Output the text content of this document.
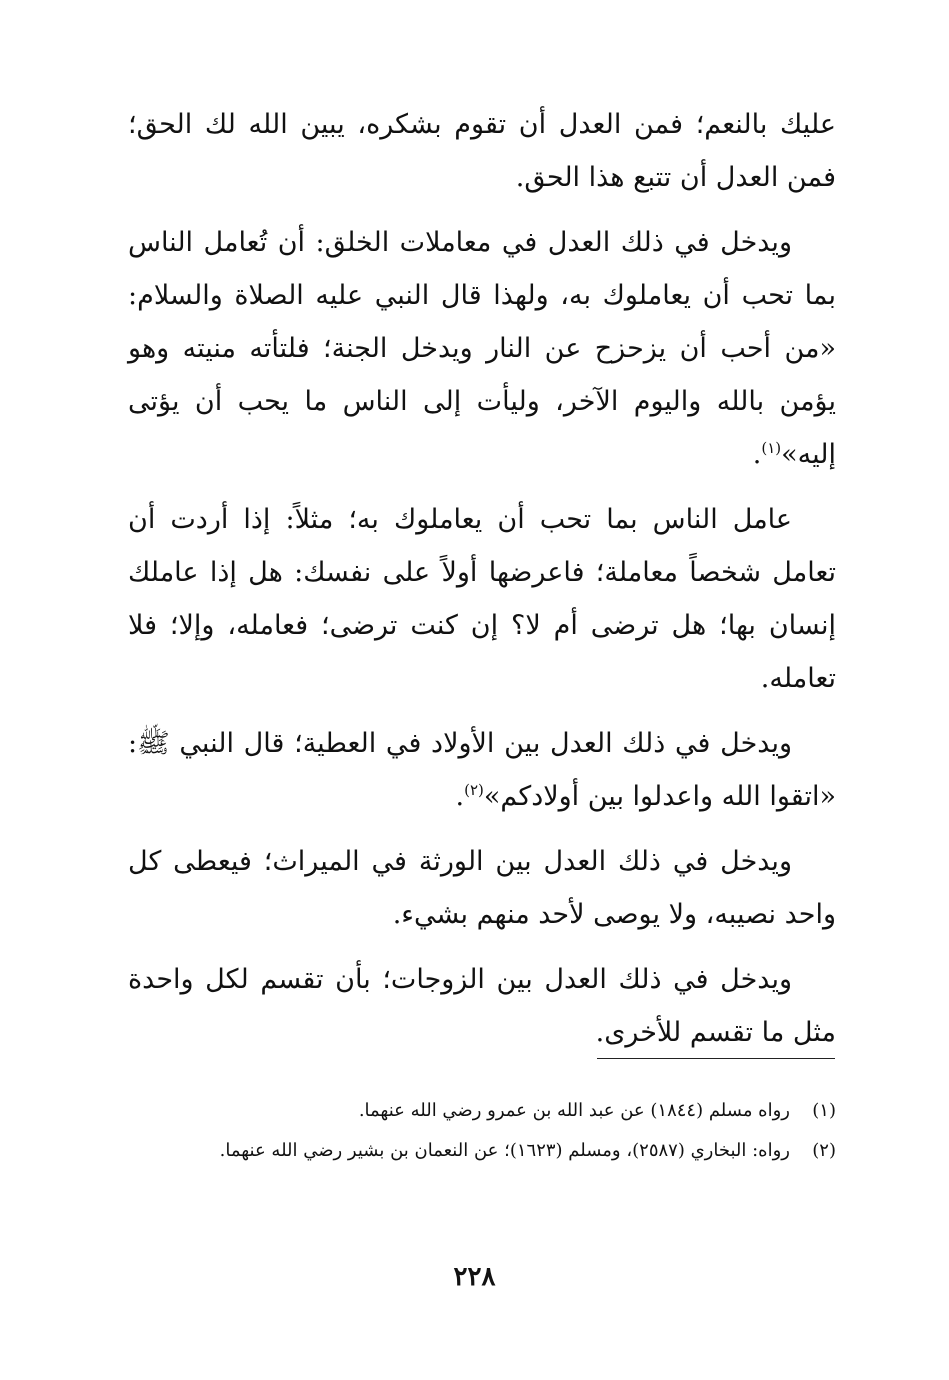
عليك بالنعم؛ فمن العدل أن تقوم بشكره، يبين الله لك الحق؛ فمن العدل أن تتبع هذا الحق.

ويدخل في ذلك العدل في معاملات الخلق: أن تُعامل الناس بما تحب أن يعاملوك به، ولهذا قال النبي عليه الصلاة والسلام: «من أحب أن يزحزح عن النار ويدخل الجنة؛ فلتأته منيته وهو يؤمن بالله واليوم الآخر، وليأت إلى الناس ما يحب أن يؤتى إليه»$^{(١)}$.

عامل الناس بما تحب أن يعاملوك به؛ مثلاً: إذا أردت أن تعامل شخصاً معاملة؛ فاعرضها أولاً على نفسك: هل إذا عاملك إنسان بها؛ هل ترضى أم لا؟ إن كنت ترضى؛ فعامله، وإلا؛ فلا تعامله.

ويدخل في ذلك العدل بين الأولاد في العطية؛ قال النبي ﷺ: «اتقوا الله واعدلوا بين أولادكم»$^{(٢)}$.

ويدخل في ذلك العدل بين الورثة في الميراث؛ فيعطى كل واحد نصيبه، ولا يوصى لأحد منهم بشيء.

ويدخل في ذلك العدل بين الزوجات؛ بأن تقسم لكل واحدة مثل ما تقسم للأخرى.

(١)
رواه مسلم (١٨٤٤) عن عبد الله بن عمرو رضي الله عنهما.

(٢)
رواه: البخاري (٢٥٨٧)، ومسلم (١٦٢٣)؛ عن النعمان بن بشير رضي الله عنهما.

٢٢٨
